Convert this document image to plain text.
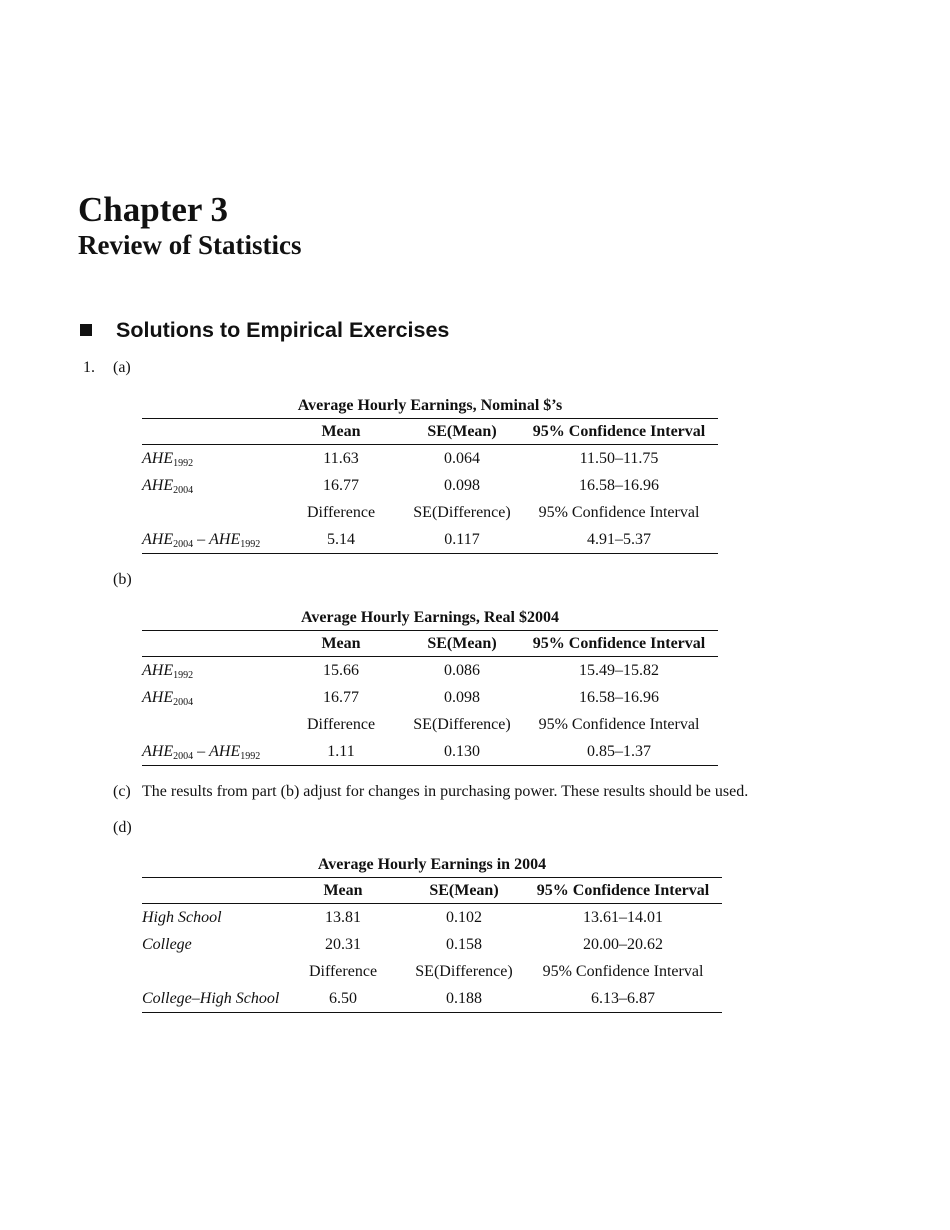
Chapter 3
Review of Statistics
Solutions to Empirical Exercises
1. (a)
Average Hourly Earnings, Nominal $’s
	Mean	SE(Mean)	95% Confidence Interval
$AHE_{1992}$	11.63	0.064	11.50–11.75
$AHE_{2004}$	16.77	0.098	16.58–16.96
	Difference	SE(Difference)	95% Confidence Interval
$AHE_{2004} - AHE_{1992}$	5.14	0.117	4.91–5.37
(b)
Average Hourly Earnings, Real $2004
	Mean	SE(Mean)	95% Confidence Interval
$AHE_{1992}$	15.66	0.086	15.49–15.82
$AHE_{2004}$	16.77	0.098	16.58–16.96
	Difference	SE(Difference)	95% Confidence Interval
$AHE_{2004} - AHE_{1992}$	1.11	0.130	0.85–1.37
(c) The results from part (b) adjust for changes in purchasing power. These results should be used.
(d)
Average Hourly Earnings in 2004
	Mean	SE(Mean)	95% Confidence Interval
High School	13.81	0.102	13.61–14.01
College	20.31	0.158	20.00–20.62
	Difference	SE(Difference)	95% Confidence Interval
College–High School	6.50	0.188	6.13–6.87
